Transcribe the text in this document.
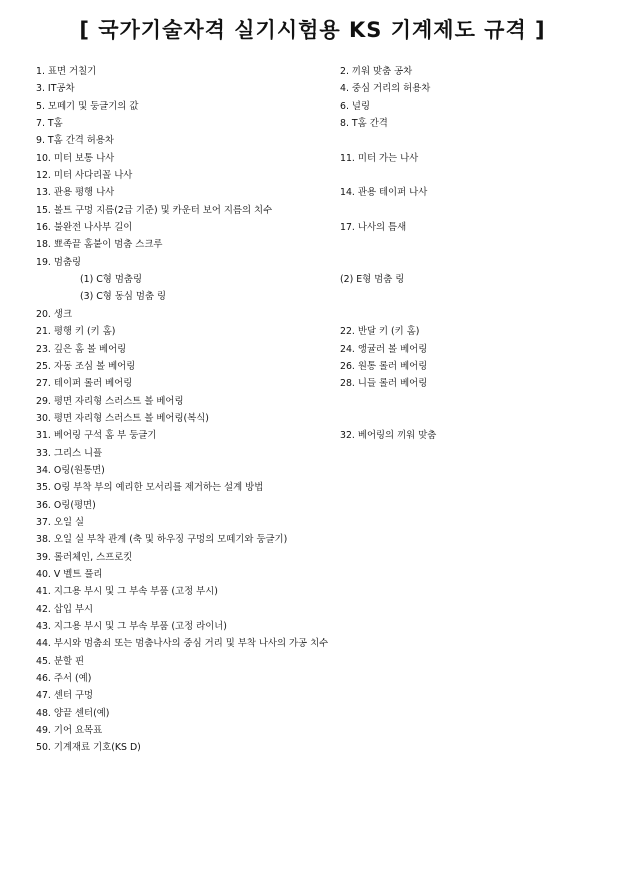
[ 국가기술자격 실기시험용 KS 기계제도 규격 ]
1. 표면 거칠기	2. 끼워 맞춤 공차
3. IT공차	4. 중심 거리의 허용차
5. 모떼기 및 둥글기의 값	6. 널링
7. T홈	8. T홈 간격
9. T홈 간격 허용차
10. 미터 보통 나사	11. 미터 가는 나사
12. 미터 사다리꼴 나사
13. 관용 평행 나사	14. 관용 테이퍼 나사
15. 볼트 구멍 지름(2급 기준) 및 카운터 보어 지름의 치수
16. 불완전 나사부 길이	17. 나사의 틈새
18. 뾰족끝 홈붙이 멈춤 스크루
19. 멈춤링
(1) C형 멈춤링	(2) E형 멈춤 링
(3) C형 동심 멈춤 링
20. 생크
21. 평행 키 (키 홈)	22. 반달 키 (키 홈)
23. 깊은 홈 볼 베어링	24. 앵귤러 볼 베어링
25. 자동 조심 볼 베어링	26. 원통 롤러 베어링
27. 테이퍼 롤러 베어링	28. 니들 롤러 베어링
29. 평면 자리형 스러스트 볼 베어링
30. 평면 자리형 스러스트 볼 베어링(복식)
31. 베어링 구석 홈 부 둥글기	32. 베어링의 끼워 맞춤
33. 그리스 니플
34. O링(원통면)
35. O링 부착 부의 예리한 모서리를 제거하는 설계 방법
36. O링(평면)
37. 오일 실
38. 오일 실 부착 관계 (축 및 하우징 구멍의 모떼기와 둥글기)
39. 롤러체인, 스프로킷
40. V 벨트 풀리
41. 지그용 부시 및 그 부속 부품 (고정 부시)
42. 삽입 부시
43. 지그용 부시 및 그 부속 부품 (고정 라이너)
44. 부시와 멈춤쇠 또는 멈춤나사의 중심 거리 및 부착 나사의 가공 치수
45. 분할 핀
46. 주서 (예)
47. 센터 구멍
48. 양끝 센터(예)
49. 기어 요목표
50. 기계재료 기호(KS D)
